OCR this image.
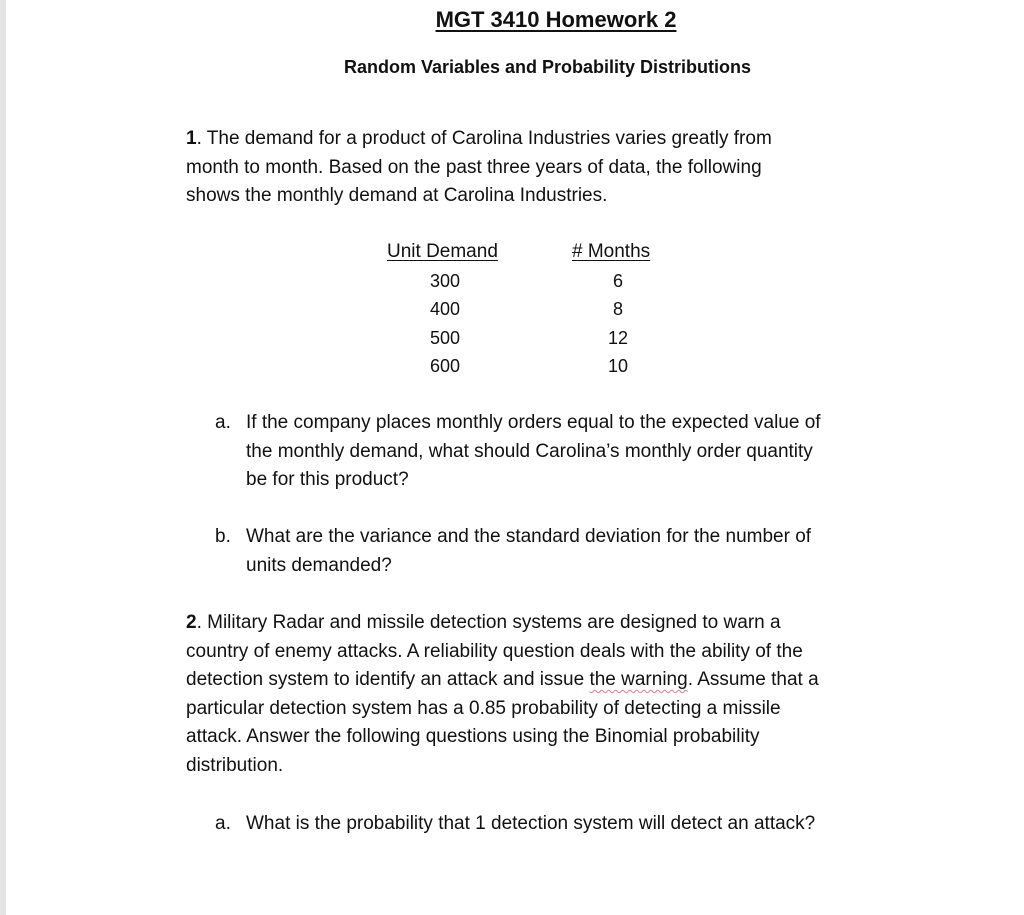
MGT 3410 Homework 2
Random Variables and Probability Distributions
1. The demand for a product of Carolina Industries varies greatly from
month to month. Based on the past three years of data, the following
shows the monthly demand at Carolina Industries.
Unit Demand	# Months
300	6
400	8
500	12
600	10
a. If the company places monthly orders equal to the expected value of
the monthly demand, what should Carolina’s monthly order quantity
be for this product?
b. What are the variance and the standard deviation for the number of
units demanded?
2. Military Radar and missile detection systems are designed to warn a
country of enemy attacks. A reliability question deals with the ability of the
detection system to identify an attack and issue the warning. Assume that a
particular detection system has a 0.85 probability of detecting a missile
attack. Answer the following questions using the Binomial probability
distribution.
a. What is the probability that 1 detection system will detect an attack?
